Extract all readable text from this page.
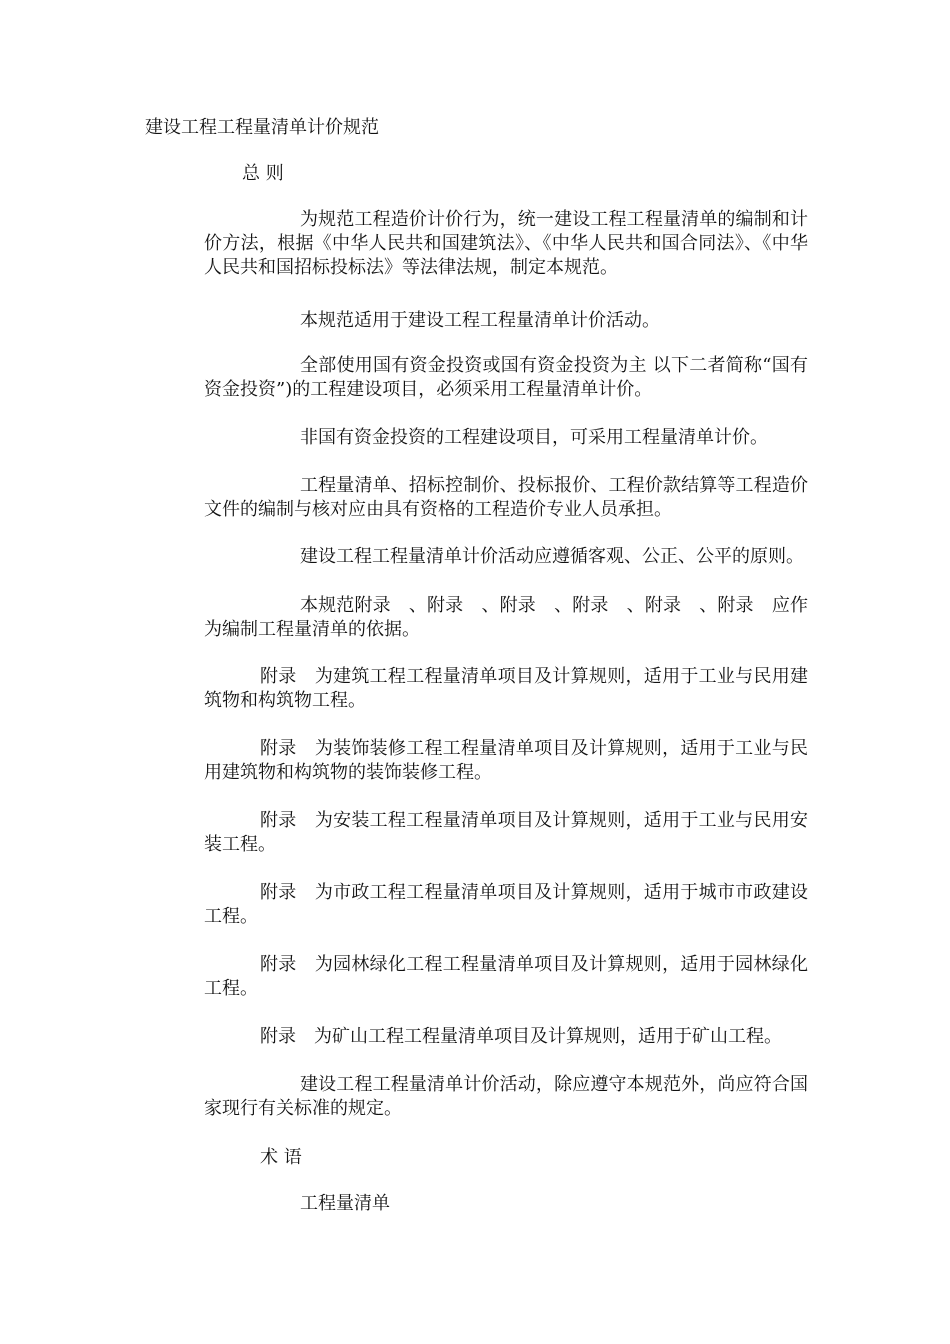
建设工程工程量清单计价规范
总 则
为规范工程造价计价行为，统一建设工程工程量清单的编制和计价方法，根据《中华人民共和国建筑法》、《中华人民共和国合同法》、《中华人民共和国招标投标法》等法律法规，制定本规范。
本规范适用于建设工程工程量清单计价活动。
全部使用国有资金投资或国有资金投资为主 以下二者简称“国有资金投资”)的工程建设项目，必须采用工程量清单计价。
非国有资金投资的工程建设项目，可采用工程量清单计价。
工程量清单、招标控制价、投标报价、工程价款结算等工程造价文件的编制与核对应由具有资格的工程造价专业人员承担。
建设工程工程量清单计价活动应遵循客观、公正、公平的原则。
本规范附录　、附录　、附录　、附录　、附录　、附录　应作为编制工程量清单的依据。
附录　为建筑工程工程量清单项目及计算规则，适用于工业与民用建筑物和构筑物工程。
附录　为装饰装修工程工程量清单项目及计算规则，适用于工业与民用建筑物和构筑物的装饰装修工程。
附录　为安装工程工程量清单项目及计算规则，适用于工业与民用安装工程。
附录　为市政工程工程量清单项目及计算规则，适用于城市市政建设工程。
附录　为园林绿化工程工程量清单项目及计算规则，适用于园林绿化工程。
附录　为矿山工程工程量清单项目及计算规则，适用于矿山工程。
建设工程工程量清单计价活动，除应遵守本规范外，尚应符合国家现行有关标准的规定。
术 语
工程量清单
